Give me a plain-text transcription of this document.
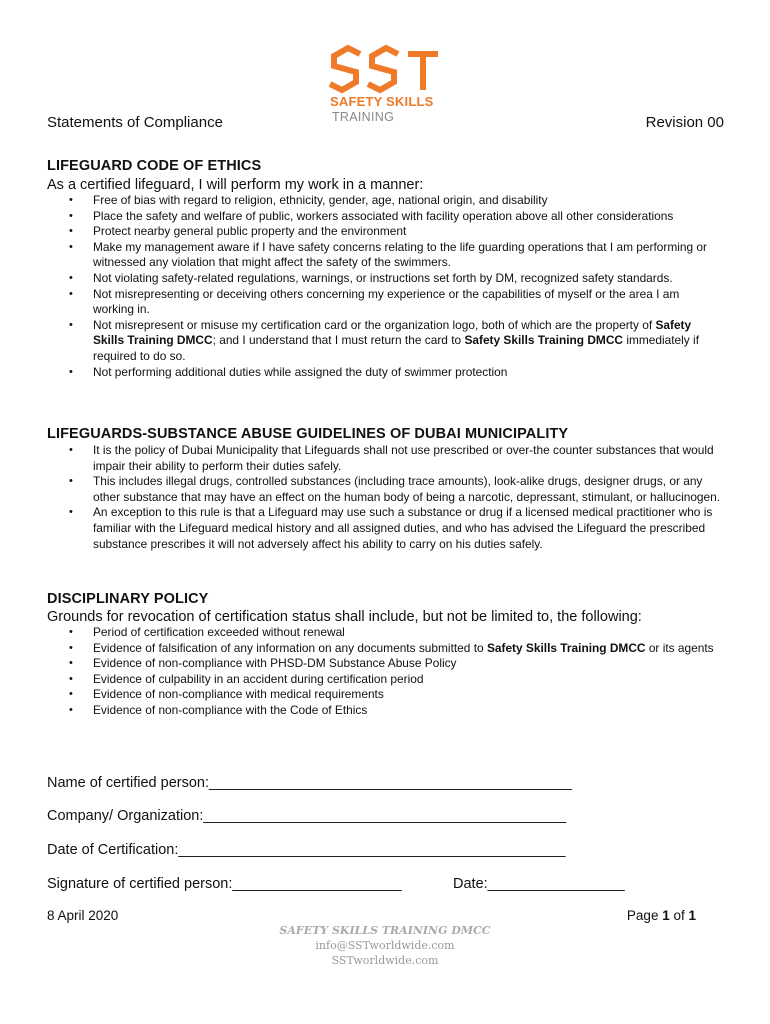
SAFETY SKILLS
TRAINING
Statements of Compliance	Revision 00
LIFEGUARD CODE OF ETHICS
As a certified lifeguard, I will perform my work in a manner:
• Free of bias with regard to religion, ethnicity, gender, age, national origin, and disability
• Place the safety and welfare of public, workers associated with facility operation above all other considerations
• Protect nearby general public property and the environment
• Make my management aware if I have safety concerns relating to the life guarding operations that I am performing or witnessed any violation that might affect the safety of the swimmers.
• Not violating safety-related regulations, warnings, or instructions set forth by DM, recognized safety standards.
• Not misrepresenting or deceiving others concerning my experience or the capabilities of myself or the area I am working in.
• Not misrepresent or misuse my certification card or the organization logo, both of which are the property of Safety Skills Training DMCC; and I understand that I must return the card to Safety Skills Training DMCC immediately if required to do so.
• Not performing additional duties while assigned the duty of swimmer protection
LIFEGUARDS-SUBSTANCE ABUSE GUIDELINES OF DUBAI MUNICIPALITY
• It is the policy of Dubai Municipality that Lifeguards shall not use prescribed or over-the counter substances that would impair their ability to perform their duties safely.
• This includes illegal drugs, controlled substances (including trace amounts), look-alike drugs, designer drugs, or any other substance that may have an effect on the human body of being a narcotic, depressant, stimulant, or hallucinogen.
• An exception to this rule is that a Lifeguard may use such a substance or drug if a licensed medical practitioner who is familiar with the Lifeguard medical history and all assigned duties, and who has advised the Lifeguard the prescribed substance prescribes it will not adversely affect his ability to carry on his duties safely.
DISCIPLINARY POLICY
Grounds for revocation of certification status shall include, but not be limited to, the following:
• Period of certification exceeded without renewal
• Evidence of falsification of any information on any documents submitted to Safety Skills Training DMCC or its agents
• Evidence of non-compliance with PHSD-DM Substance Abuse Policy
• Evidence of culpability in an accident during certification period
• Evidence of non-compliance with medical requirements
• Evidence of non-compliance with the Code of Ethics
Name of certified person:_____________________________________________
Company/ Organization:_____________________________________________
Date of Certification:________________________________________________
Signature of certified person:_____________________	Date:_________________
8 April 2020	Page 1 of 1
SAFETY SKILLS TRAINING DMCC
info@SSTworldwide.com
SSTworldwide.com
